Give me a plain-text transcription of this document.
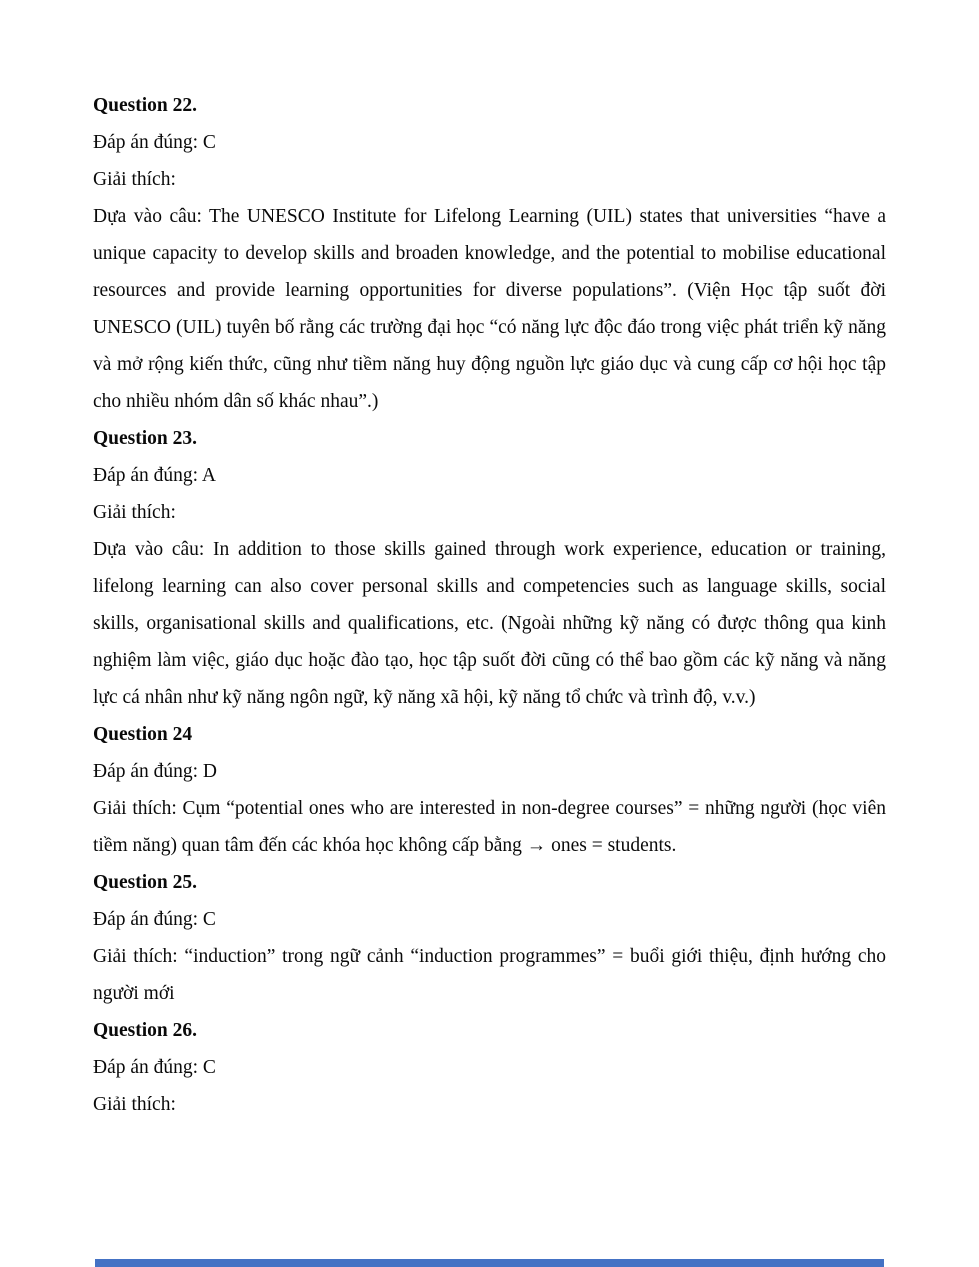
Question 22.

Đáp án đúng: C

Giải thích:

Dựa vào câu: The UNESCO Institute for Lifelong Learning (UIL) states that universities “have a unique capacity to develop skills and broaden knowledge, and the potential to mobilise educational resources and provide learning opportunities for diverse populations”. (Viện Học tập suốt đời UNESCO (UIL) tuyên bố rằng các trường đại học “có năng lực độc đáo trong việc phát triển kỹ năng và mở rộng kiến thức, cũng như tiềm năng huy động nguồn lực giáo dục và cung cấp cơ hội học tập cho nhiều nhóm dân số khác nhau”.)

Question 23.

Đáp án đúng: A

Giải thích:

Dựa vào câu: In addition to those skills gained through work experience, education or training, lifelong learning can also cover personal skills and competencies such as language skills, social skills, organisational skills and qualifications, etc. (Ngoài những kỹ năng có được thông qua kinh nghiệm làm việc, giáo dục hoặc đào tạo, học tập suốt đời cũng có thể bao gồm các kỹ năng và năng lực cá nhân như kỹ năng ngôn ngữ, kỹ năng xã hội, kỹ năng tổ chức và trình độ, v.v.)

Question 24

Đáp án đúng: D

Giải thích: Cụm “potential ones who are interested in non-degree courses” = những người (học viên tiềm năng) quan tâm đến các khóa học không cấp bằng → ones = students.

Question 25.

Đáp án đúng: C

Giải thích: “induction” trong ngữ cảnh “induction programmes” = buổi giới thiệu, định hướng cho người mới

Question 26.

Đáp án đúng: C

Giải thích:
